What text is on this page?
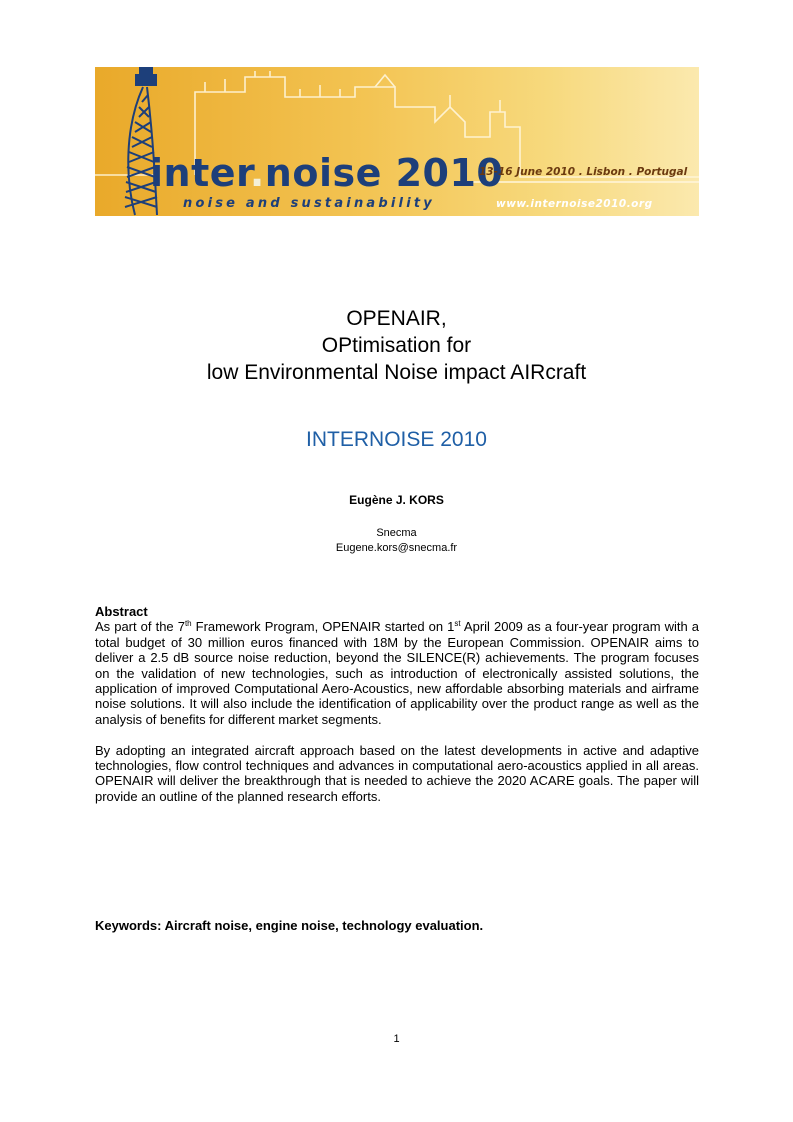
inter.noise 2010
noise and sustainability
13-16 June 2010 . Lisbon . Portugal
www.internoise2010.org
OPENAIR,
OPtimisation for
low Environmental Noise impact AIRcraft
INTERNOISE 2010
Eugène J. KORS
Snecma
Eugene.kors@snecma.fr
Abstract

As part of the 7th Framework Program, OPENAIR started on 1st April 2009 as a four-year program with a total budget of 30 million euros financed with 18M by the European Commission. OPENAIR aims to deliver a 2.5 dB source noise reduction, beyond the SILENCE(R) achievements. The program focuses on the validation of new technologies, such as introduction of electronically assisted solutions, the application of improved Computational Aero-Acoustics, new affordable absorbing materials and airframe noise solutions. It will also include the identification of applicability over the product range as well as the analysis of benefits for different market segments.

By adopting an integrated aircraft approach based on the latest developments in active and adaptive technologies, flow control techniques and advances in computational aero-acoustics applied in all areas. OPENAIR will deliver the breakthrough that is needed to achieve the 2020 ACARE goals. The paper will provide an outline of the planned research efforts.

Keywords: Aircraft noise, engine noise, technology evaluation.
1
